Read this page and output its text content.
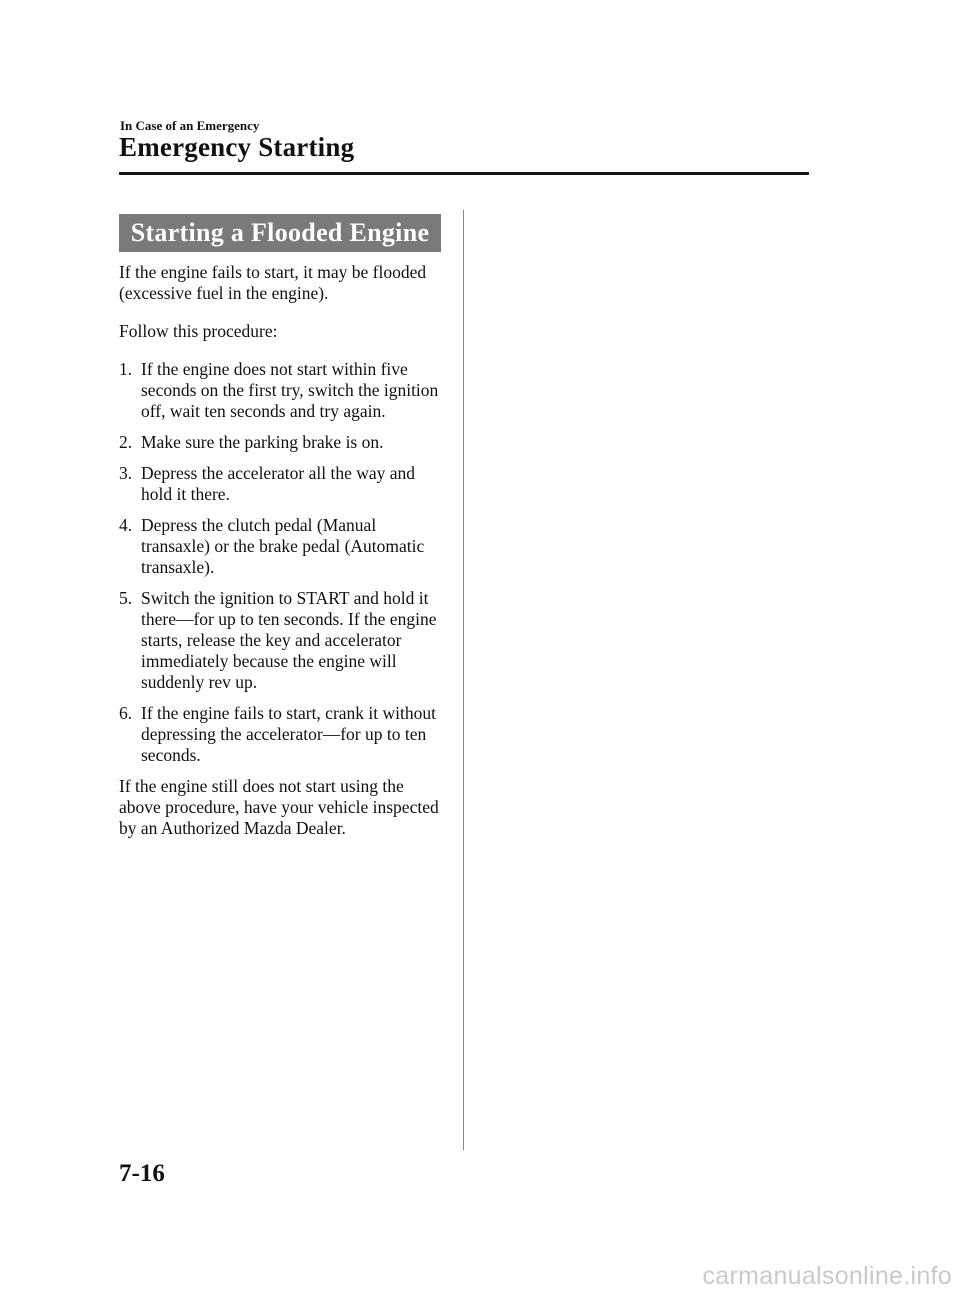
In Case of an Emergency
Emergency Starting
Starting a Flooded Engine

If the engine fails to start, it may be flooded (excessive fuel in the engine).

Follow this procedure:

1. If the engine does not start within five seconds on the first try, switch the ignition off, wait ten seconds and try again.
2. Make sure the parking brake is on.
3. Depress the accelerator all the way and hold it there.
4. Depress the clutch pedal (Manual transaxle) or the brake pedal (Automatic transaxle).
5. Switch the ignition to START and hold it there―for up to ten seconds. If the engine starts, release the key and accelerator immediately because the engine will suddenly rev up.
6. If the engine fails to start, crank it without depressing the accelerator―for up to ten seconds.

If the engine still does not start using the above procedure, have your vehicle inspected by an Authorized Mazda Dealer.

7-16
carmanualsonline.info
